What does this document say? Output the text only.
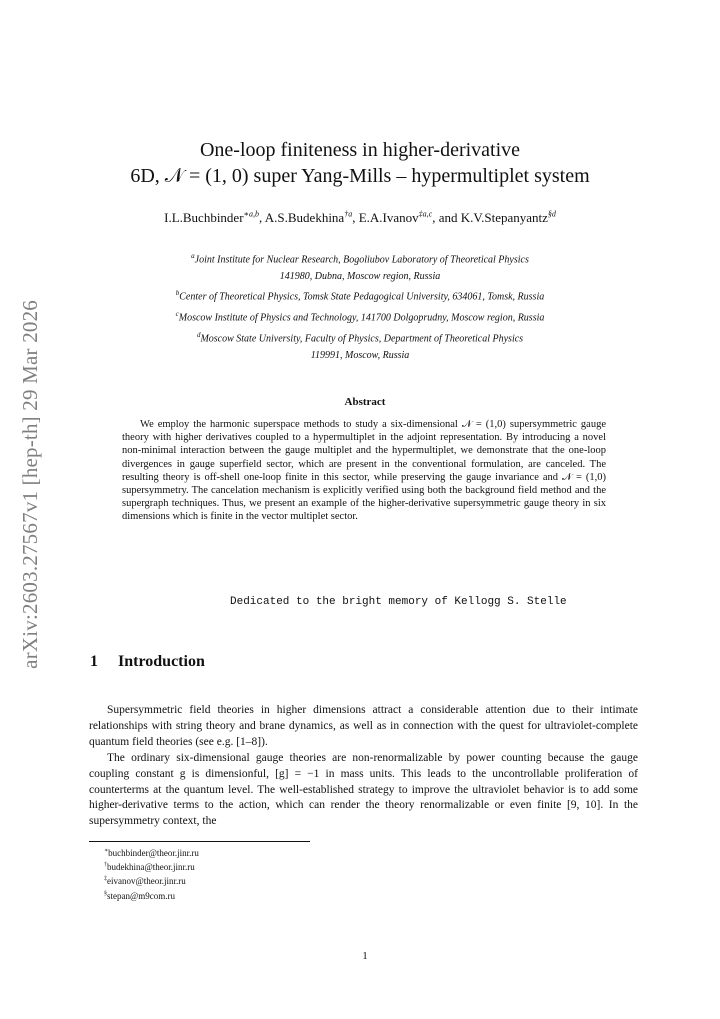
arXiv:2603.27567v1 [hep-th] 29 Mar 2026
One-loop finiteness in higher-derivative
6D, 𝒩 = (1, 0) super Yang-Mills – hypermultiplet system
I.L.Buchbinder$^{∗a,b}$, A.S.Budekhina$^{\dagger a}$, E.A.Ivanov$^{\ddagger a,c}$, and K.V.Stepanyantz$^{\S d}$
$^a$Joint Institute for Nuclear Research, Bogoliubov Laboratory of Theoretical Physics
141980, Dubna, Moscow region, Russia
$^b$Center of Theoretical Physics, Tomsk State Pedagogical University, 634061, Tomsk, Russia
$^c$Moscow Institute of Physics and Technology, 141700 Dolgoprudny, Moscow region, Russia
$^d$Moscow State University, Faculty of Physics, Department of Theoretical Physics
119991, Moscow, Russia
Abstract
We employ the harmonic superspace methods to study a six-dimensional 𝒩 = (1,0) supersymmetric gauge theory with higher derivatives coupled to a hypermultiplet in the adjoint representation. By introducing a novel non-minimal interaction between the gauge multiplet and the hypermultiplet, we demonstrate that the one-loop divergences in gauge superfield sector, which are present in the conventional formulation, are canceled. The resulting theory is off-shell one-loop finite in this sector, while preserving the gauge invariance and 𝒩 = (1,0) supersymmetry. The cancelation mechanism is explicitly verified using both the background field method and the supergraph techniques. Thus, we present an example of the higher-derivative supersymmetric gauge theory in six dimensions which is finite in the vector multiplet sector.
Dedicated to the bright memory of Kellogg S. Stelle
1 Introduction

Supersymmetric field theories in higher dimensions attract a considerable attention due to their intimate relationships with string theory and brane dynamics, as well as in connection with the quest for ultraviolet-complete quantum field theories (see e.g. [1–8]).

The ordinary six-dimensional gauge theories are non-renormalizable by power counting because the gauge coupling constant g is dimensionful, [g] = −1 in mass units. This leads to the uncontrollable proliferation of counterterms at the quantum level. The well-established strategy to improve the ultraviolet behavior is to add some higher-derivative terms to the action, which can render the theory renormalizable or even finite [9, 10]. In the supersymmetry context, the

∗buchbinder@theor.jinr.ru
†budekhina@theor.jinr.ru
‡eivanov@theor.jinr.ru
§stepan@m9com.ru
1
